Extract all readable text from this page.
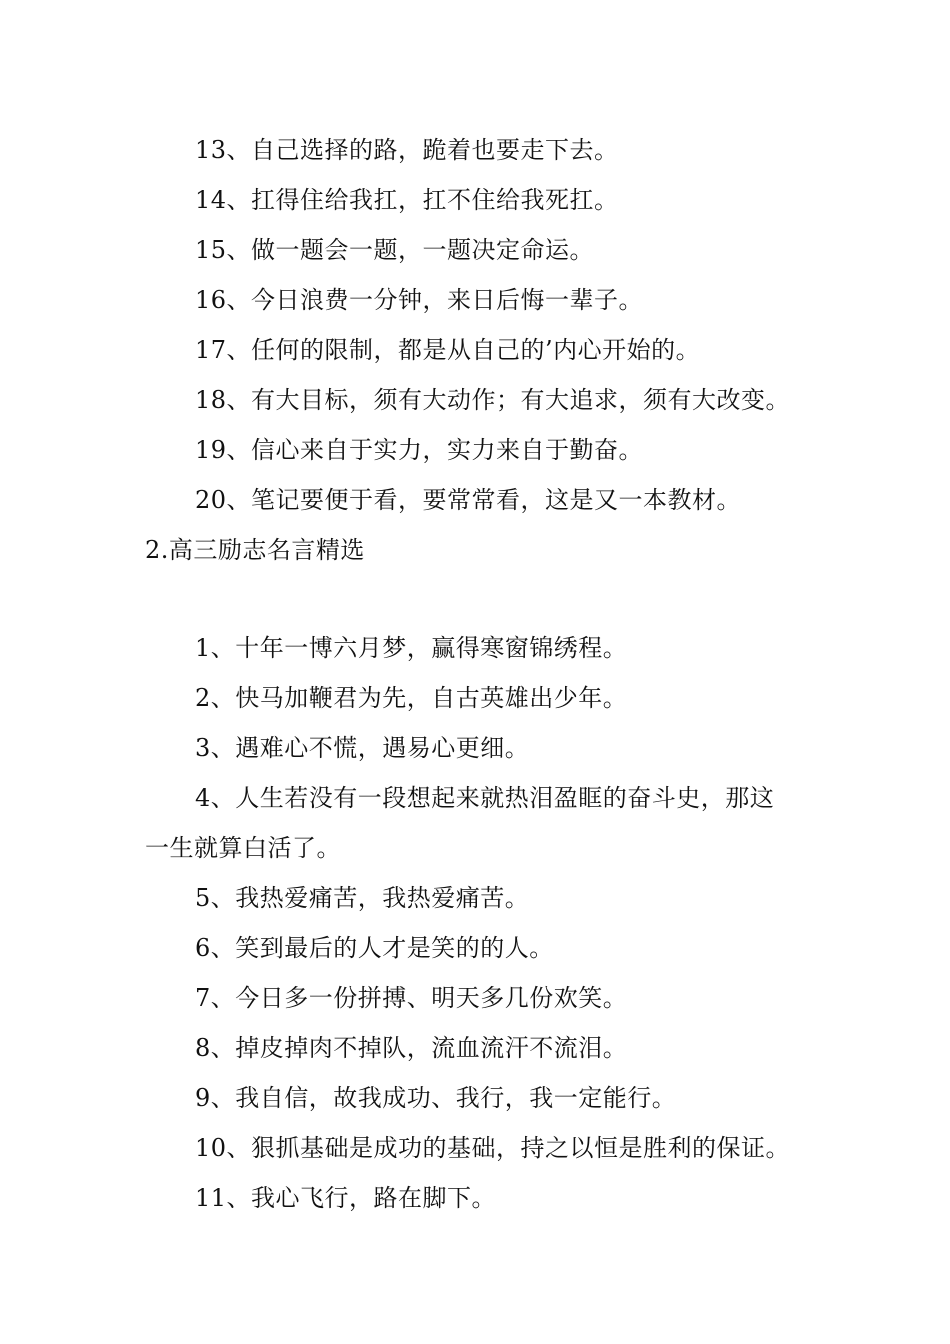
13、自己选择的路，跪着也要走下去。
14、扛得住给我扛，扛不住给我死扛。
15、做一题会一题，一题决定命运。
16、今日浪费一分钟，来日后悔一辈子。
17、任何的限制，都是从自己的’内心开始的。
18、有大目标，须有大动作；有大追求，须有大改变。
19、信心来自于实力，实力来自于勤奋。
20、笔记要便于看，要常常看，这是又一本教材。
2.高三励志名言精选
1、十年一博六月梦，赢得寒窗锦绣程。
2、快马加鞭君为先，自古英雄出少年。
3、遇难心不慌，遇易心更细。
4、人生若没有一段想起来就热泪盈眶的奋斗史，那这
一生就算白活了。
5、我热爱痛苦，我热爱痛苦。
6、笑到最后的人才是笑的的人。
7、今日多一份拼搏、明天多几份欢笑。
8、掉皮掉肉不掉队，流血流汗不流泪。
9、我自信，故我成功、我行，我一定能行。
10、狠抓基础是成功的基础，持之以恒是胜利的保证。
11、我心飞行，路在脚下。
